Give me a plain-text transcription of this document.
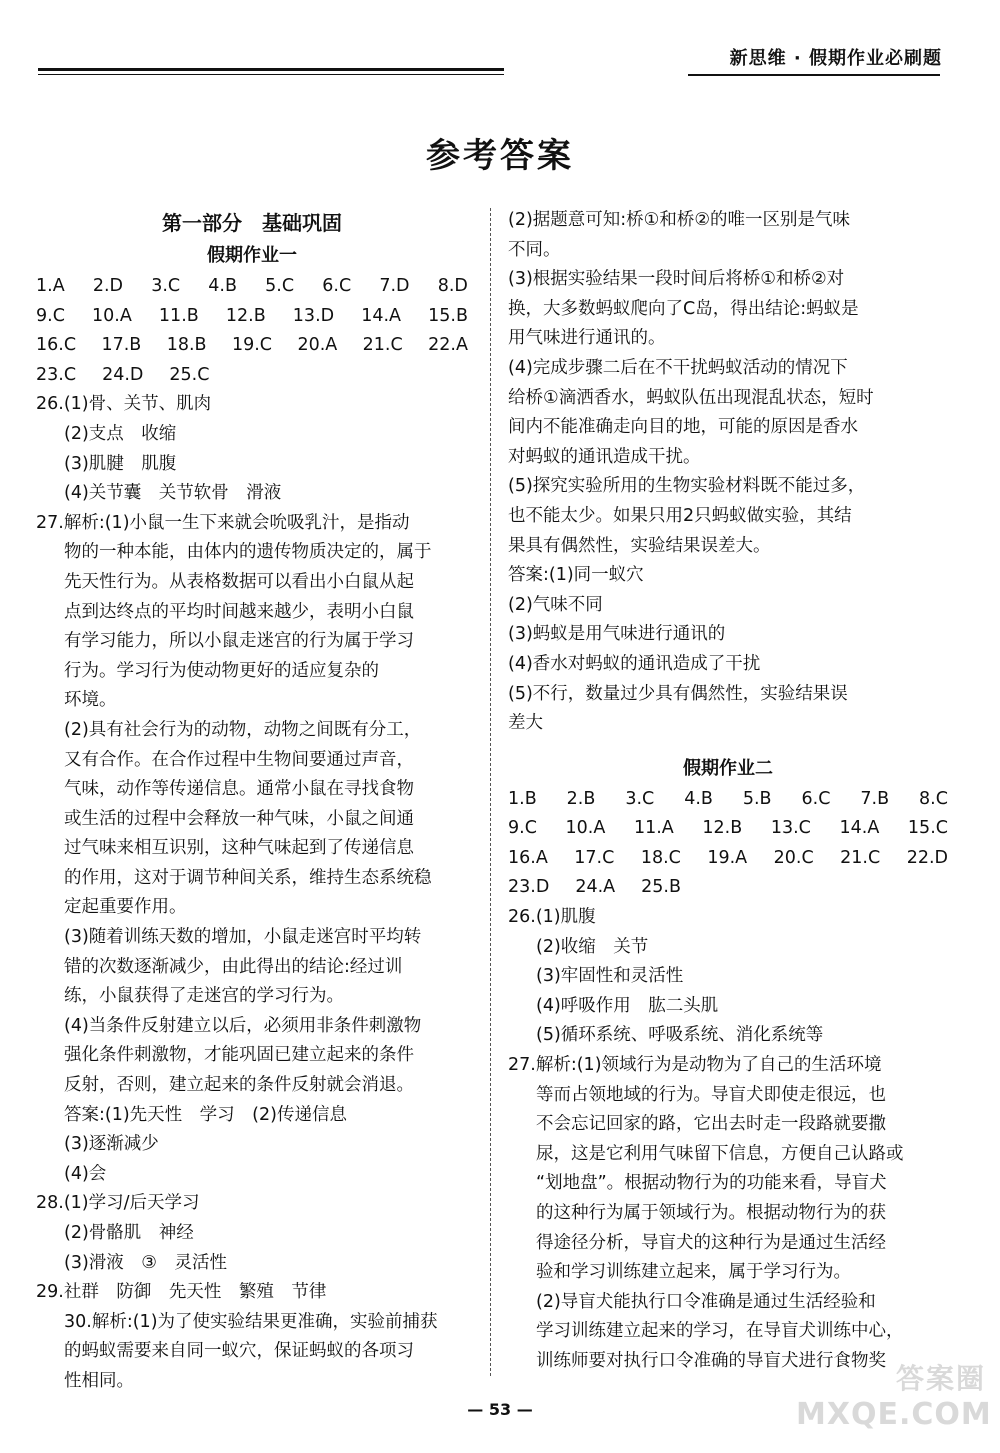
新思维 · 假期作业必刷题
参考答案
第一部分　基础巩固
假期作业一
1.A 2.D 3.C 4.B 5.C 6.C 7.D 8.D
9.C 10.A 11.B 12.B 13.D 14.A 15.B
16.C 17.B 18.B 19.C 20.A 21.C 22.A
23.C 24.D 25.C
26.(1)骨、关节、肌肉
(2)支点　收缩
(3)肌腱　肌腹
(4)关节囊　关节软骨　滑液
27.解析:(1)小鼠一生下来就会吮吸乳汁，是指动
物的一种本能，由体内的遗传物质决定的，属于
先天性行为。从表格数据可以看出小白鼠从起
点到达终点的平均时间越来越少，表明小白鼠
有学习能力，所以小鼠走迷宫的行为属于学习
行为。学习行为使动物更好的适应复杂的
环境。
(2)具有社会行为的动物，动物之间既有分工，
又有合作。在合作过程中生物间要通过声音，
气味，动作等传递信息。通常小鼠在寻找食物
或生活的过程中会释放一种气味，小鼠之间通
过气味来相互识别，这种气味起到了传递信息
的作用，这对于调节种间关系，维持生态系统稳
定起重要作用。
(3)随着训练天数的增加，小鼠走迷宫时平均转
错的次数逐渐减少，由此得出的结论:经过训
练，小鼠获得了走迷宫的学习行为。
(4)当条件反射建立以后，必须用非条件刺激物
强化条件刺激物，才能巩固已建立起来的条件
反射，否则，建立起来的条件反射就会消退。
答案:(1)先天性　学习　(2)传递信息
(3)逐渐减少
(4)会
28.(1)学习/后天学习
(2)骨骼肌　神经
(3)滑液　③　灵活性
29.社群　防御　先天性　繁殖　节律
30.解析:(1)为了使实验结果更准确，实验前捕获
的蚂蚁需要来自同一蚁穴，保证蚂蚁的各项习
性相同。
(2)据题意可知:桥①和桥②的唯一区别是气味
不同。
(3)根据实验结果一段时间后将桥①和桥②对
换，大多数蚂蚁爬向了C岛，得出结论:蚂蚁是
用气味进行通讯的。
(4)完成步骤二后在不干扰蚂蚁活动的情况下
给桥①滴洒香水，蚂蚁队伍出现混乱状态，短时
间内不能准确走向目的地，可能的原因是香水
对蚂蚁的通讯造成干扰。
(5)探究实验所用的生物实验材料既不能过多，
也不能太少。如果只用2只蚂蚁做实验，其结
果具有偶然性，实验结果误差大。
答案:(1)同一蚁穴
(2)气味不同
(3)蚂蚁是用气味进行通讯的
(4)香水对蚂蚁的通讯造成了干扰
(5)不行，数量过少具有偶然性，实验结果误
差大
假期作业二
1.B 2.B 3.C 4.B 5.B 6.C 7.B 8.C
9.C 10.A 11.A 12.B 13.C 14.A 15.C
16.A 17.C 18.C 19.A 20.C 21.C 22.D
23.D 24.A 25.B
26.(1)肌腹
(2)收缩　关节
(3)牢固性和灵活性
(4)呼吸作用　肱二头肌
(5)循环系统、呼吸系统、消化系统等
27.解析:(1)领域行为是动物为了自己的生活环境
等而占领地域的行为。导盲犬即使走很远，也
不会忘记回家的路，它出去时走一段路就要撒
尿，这是它利用气味留下信息，方便自己认路或
“划地盘”。根据动物行为的功能来看，导盲犬
的这种行为属于领域行为。根据动物行为的获
得途径分析，导盲犬的这种行为是通过生活经
验和学习训练建立起来，属于学习行为。
(2)导盲犬能执行口令准确是通过生活经验和
学习训练建立起来的学习，在导盲犬训练中心，
训练师要对执行口令准确的导盲犬进行食物奖
— 53 —
答案圈
MXQE.COM
